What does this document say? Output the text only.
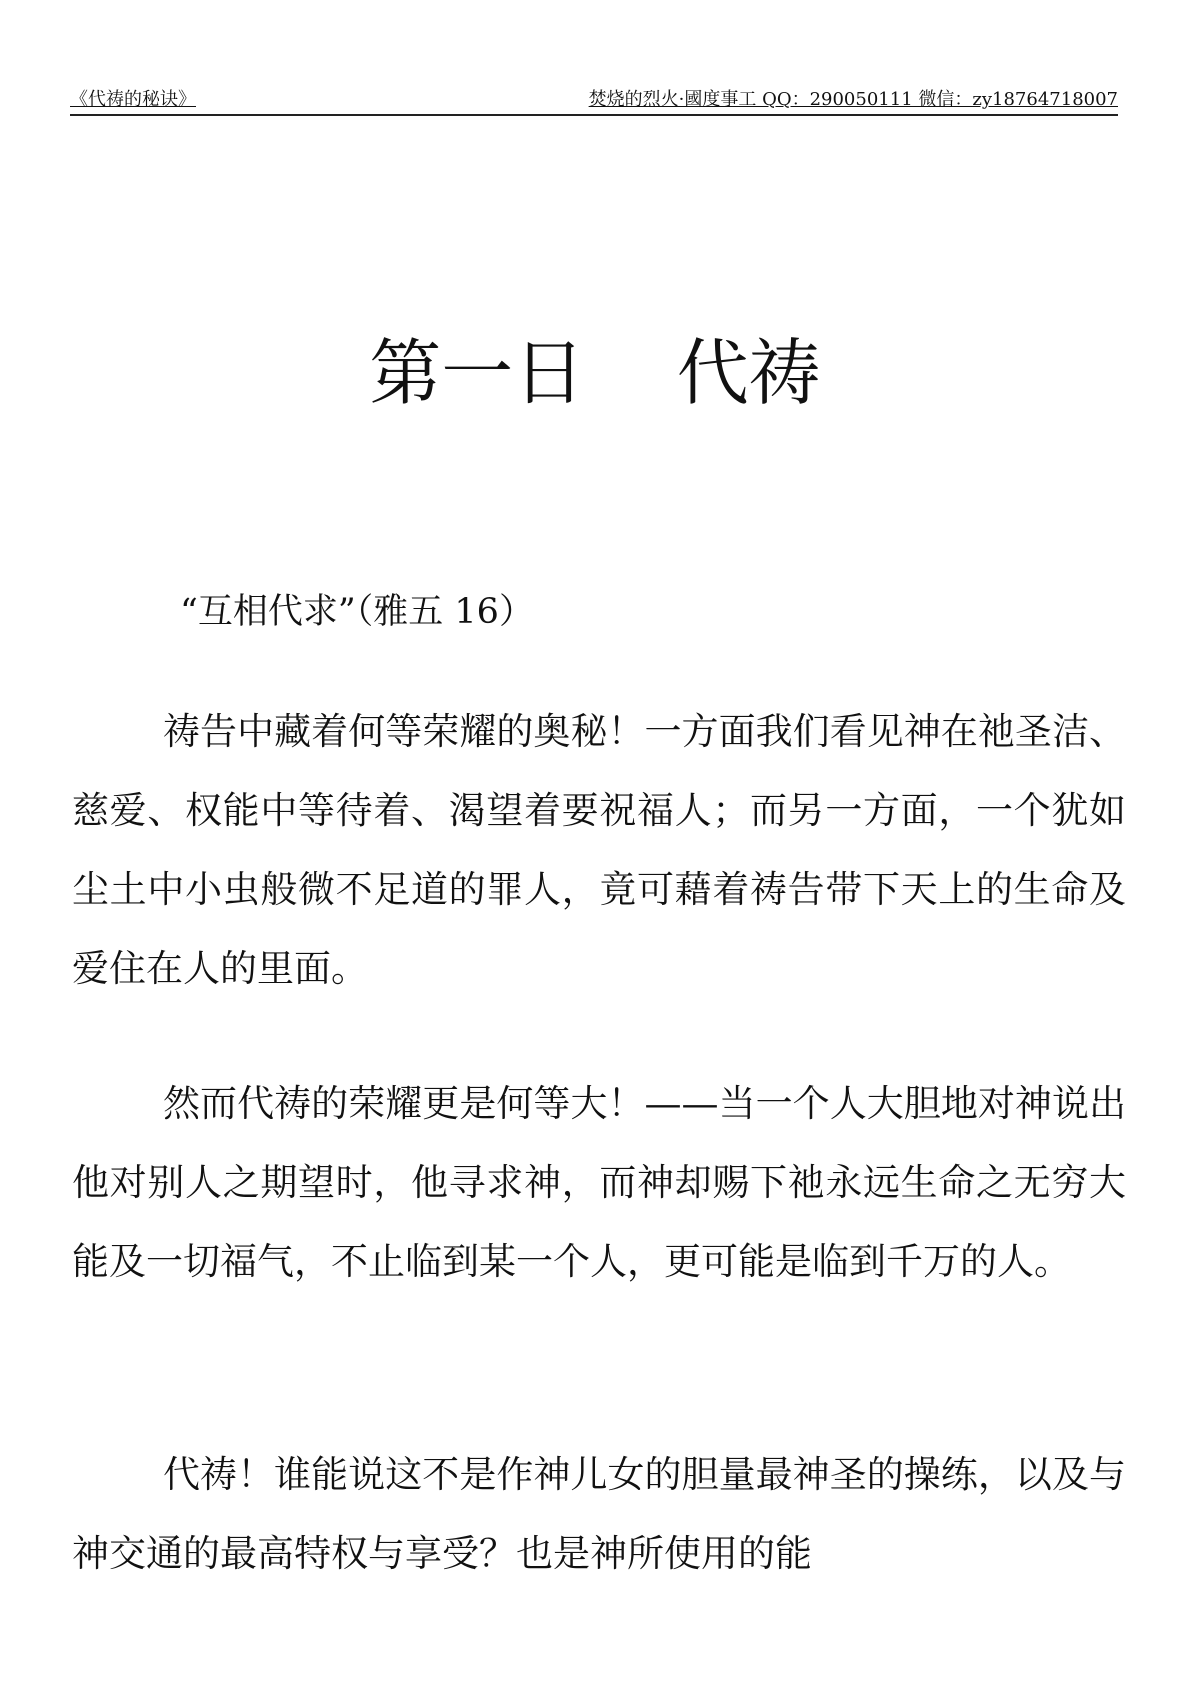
《代祷的秘诀》	焚烧的烈火·國度事工 QQ：290050111 微信：zy18764718007
第一日    代祷
“互相代求”（雅五 16）

祷告中藏着何等荣耀的奥秘！一方面我们看见神在祂圣洁、慈爱、权能中等待着、渴望着要祝福人；而另一方面，一个犹如尘土中小虫般微不足道的罪人，竟可藉着祷告带下天上的生命及爱住在人的里面。

然而代祷的荣耀更是何等大！——当一个人大胆地对神说出他对别人之期望时，他寻求神，而神却赐下祂永远生命之无穷大能及一切福气，不止临到某一个人，更可能是临到千万的人。

代祷！谁能说这不是作神儿女的胆量最神圣的操练，以及与神交通的最高特权与享受？也是神所使用的能
